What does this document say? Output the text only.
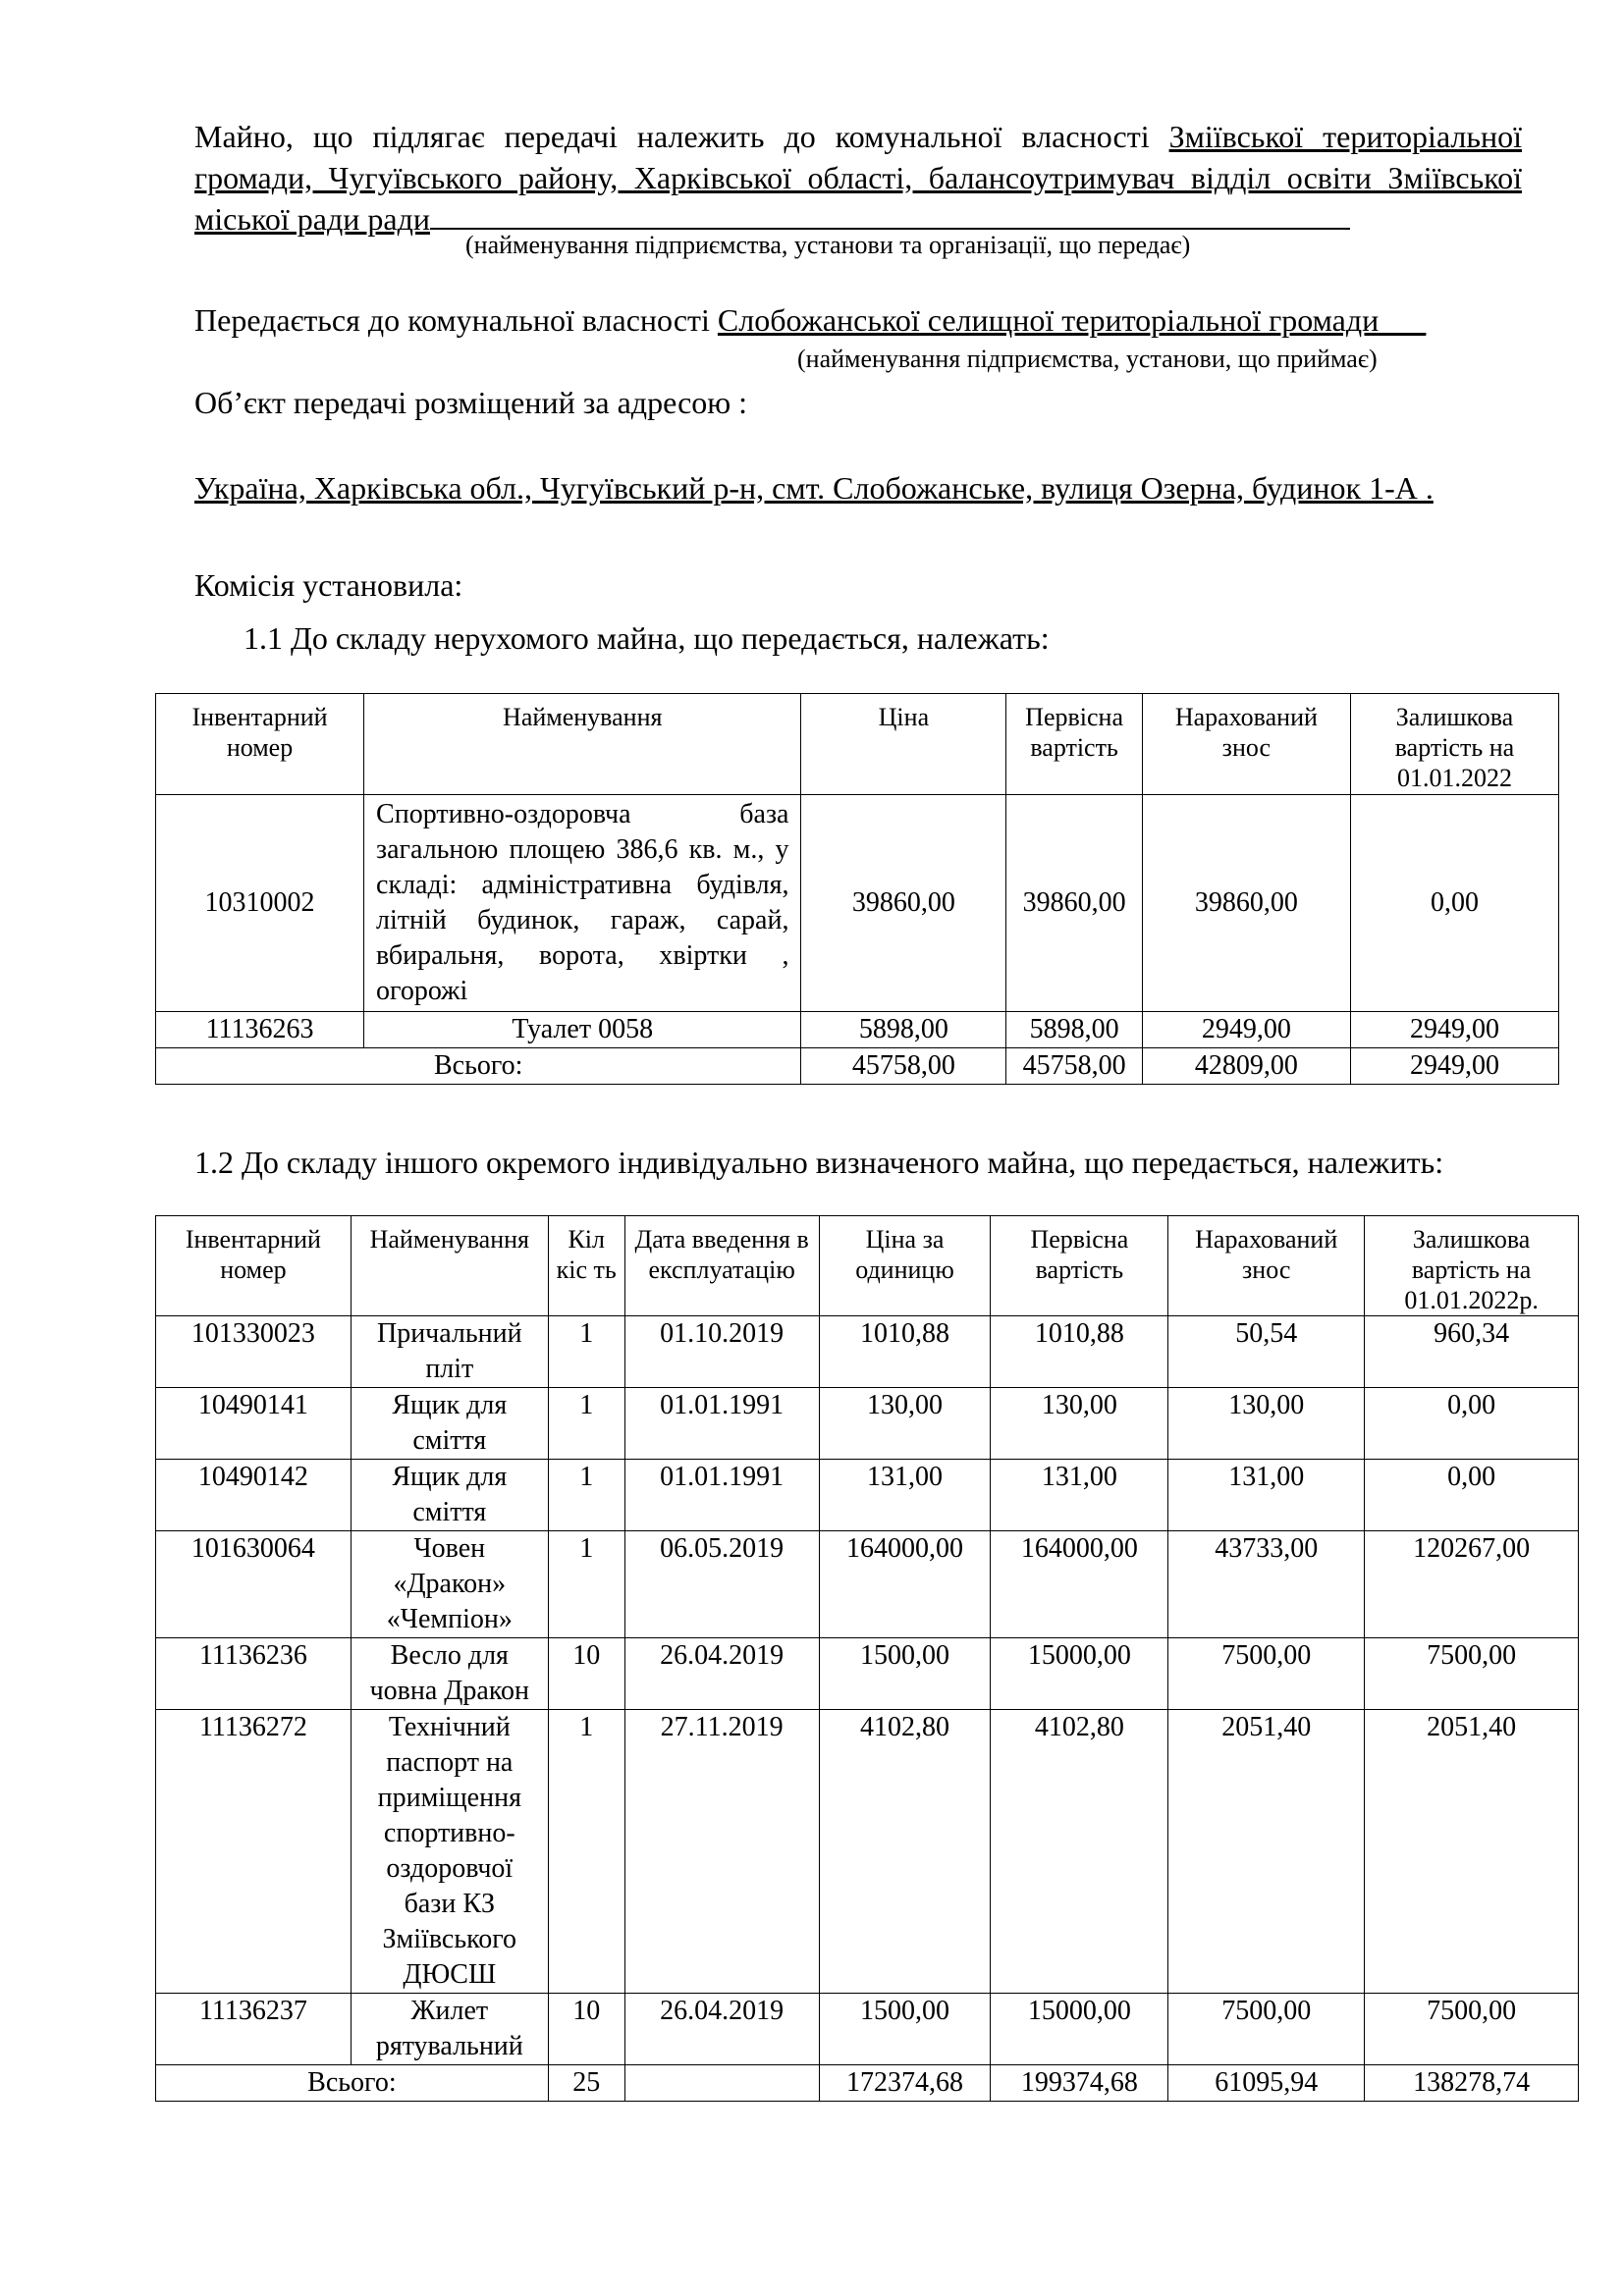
Майно, що підлягає передачі належить до комунальної власності Зміївської територіальної громади, Чугуївського району, Харківської області, балансоутримувач відділ освіти Зміївської міської ради ради
(найменування підприємства, установи та організації, що передає)
Передається до комунальної власності Слобожанської селищної територіальної громади___
(найменування підприємства, установи, що приймає)
Об’єкт передачі розміщений за адресою :
Україна, Харківська обл., Чугуївський р-н, смт. Слобожанське, вулиця Озерна, будинок 1-А .
Комісія установила:
1.1 До складу нерухомого майна, що передається, належать:
Інвентарний номер	Найменування	Ціна	Первісна вартість	Нарахований знос	Залишкова вартість на 01.01.2022
10310002	Спортивно-оздоровча база загальною площею 386,6 кв. м., у складі: адміністративна будівля, літній будинок, гараж, сарай, вбиральня, ворота, хвіртки , огорожі	39860,00	39860,00	39860,00	0,00
11136263	Туалет 0058	5898,00	5898,00	2949,00	2949,00
Всього:		45758,00	45758,00	42809,00	2949,00
1.2 До складу іншого окремого індивідуально визначеного майна, що передається, належить:
Інвентарний номер	Найменування	Кіл кіс ть	Дата введення в експлуатацію	Ціна за одиницю	Первісна вартість	Нарахований знос	Залишкова вартість на 01.01.2022р.
101330023	Причальний пліт	1	01.10.2019	1010,88	1010,88	50,54	960,34
10490141	Ящик для сміття	1	01.01.1991	130,00	130,00	130,00	0,00
10490142	Ящик для сміття	1	01.01.1991	131,00	131,00	131,00	0,00
101630064	Човен «Дракон» «Чемпіон»	1	06.05.2019	164000,00	164000,00	43733,00	120267,00
11136236	Весло для човна Дракон	10	26.04.2019	1500,00	15000,00	7500,00	7500,00
11136272	Технічний паспорт на приміщення спортивно-оздоровчої бази КЗ Зміївського ДЮСШ	1	27.11.2019	4102,80	4102,80	2051,40	2051,40
11136237	Жилет рятувальний	10	26.04.2019	1500,00	15000,00	7500,00	7500,00
Всього:		25		172374,68	199374,68	61095,94	138278,74
